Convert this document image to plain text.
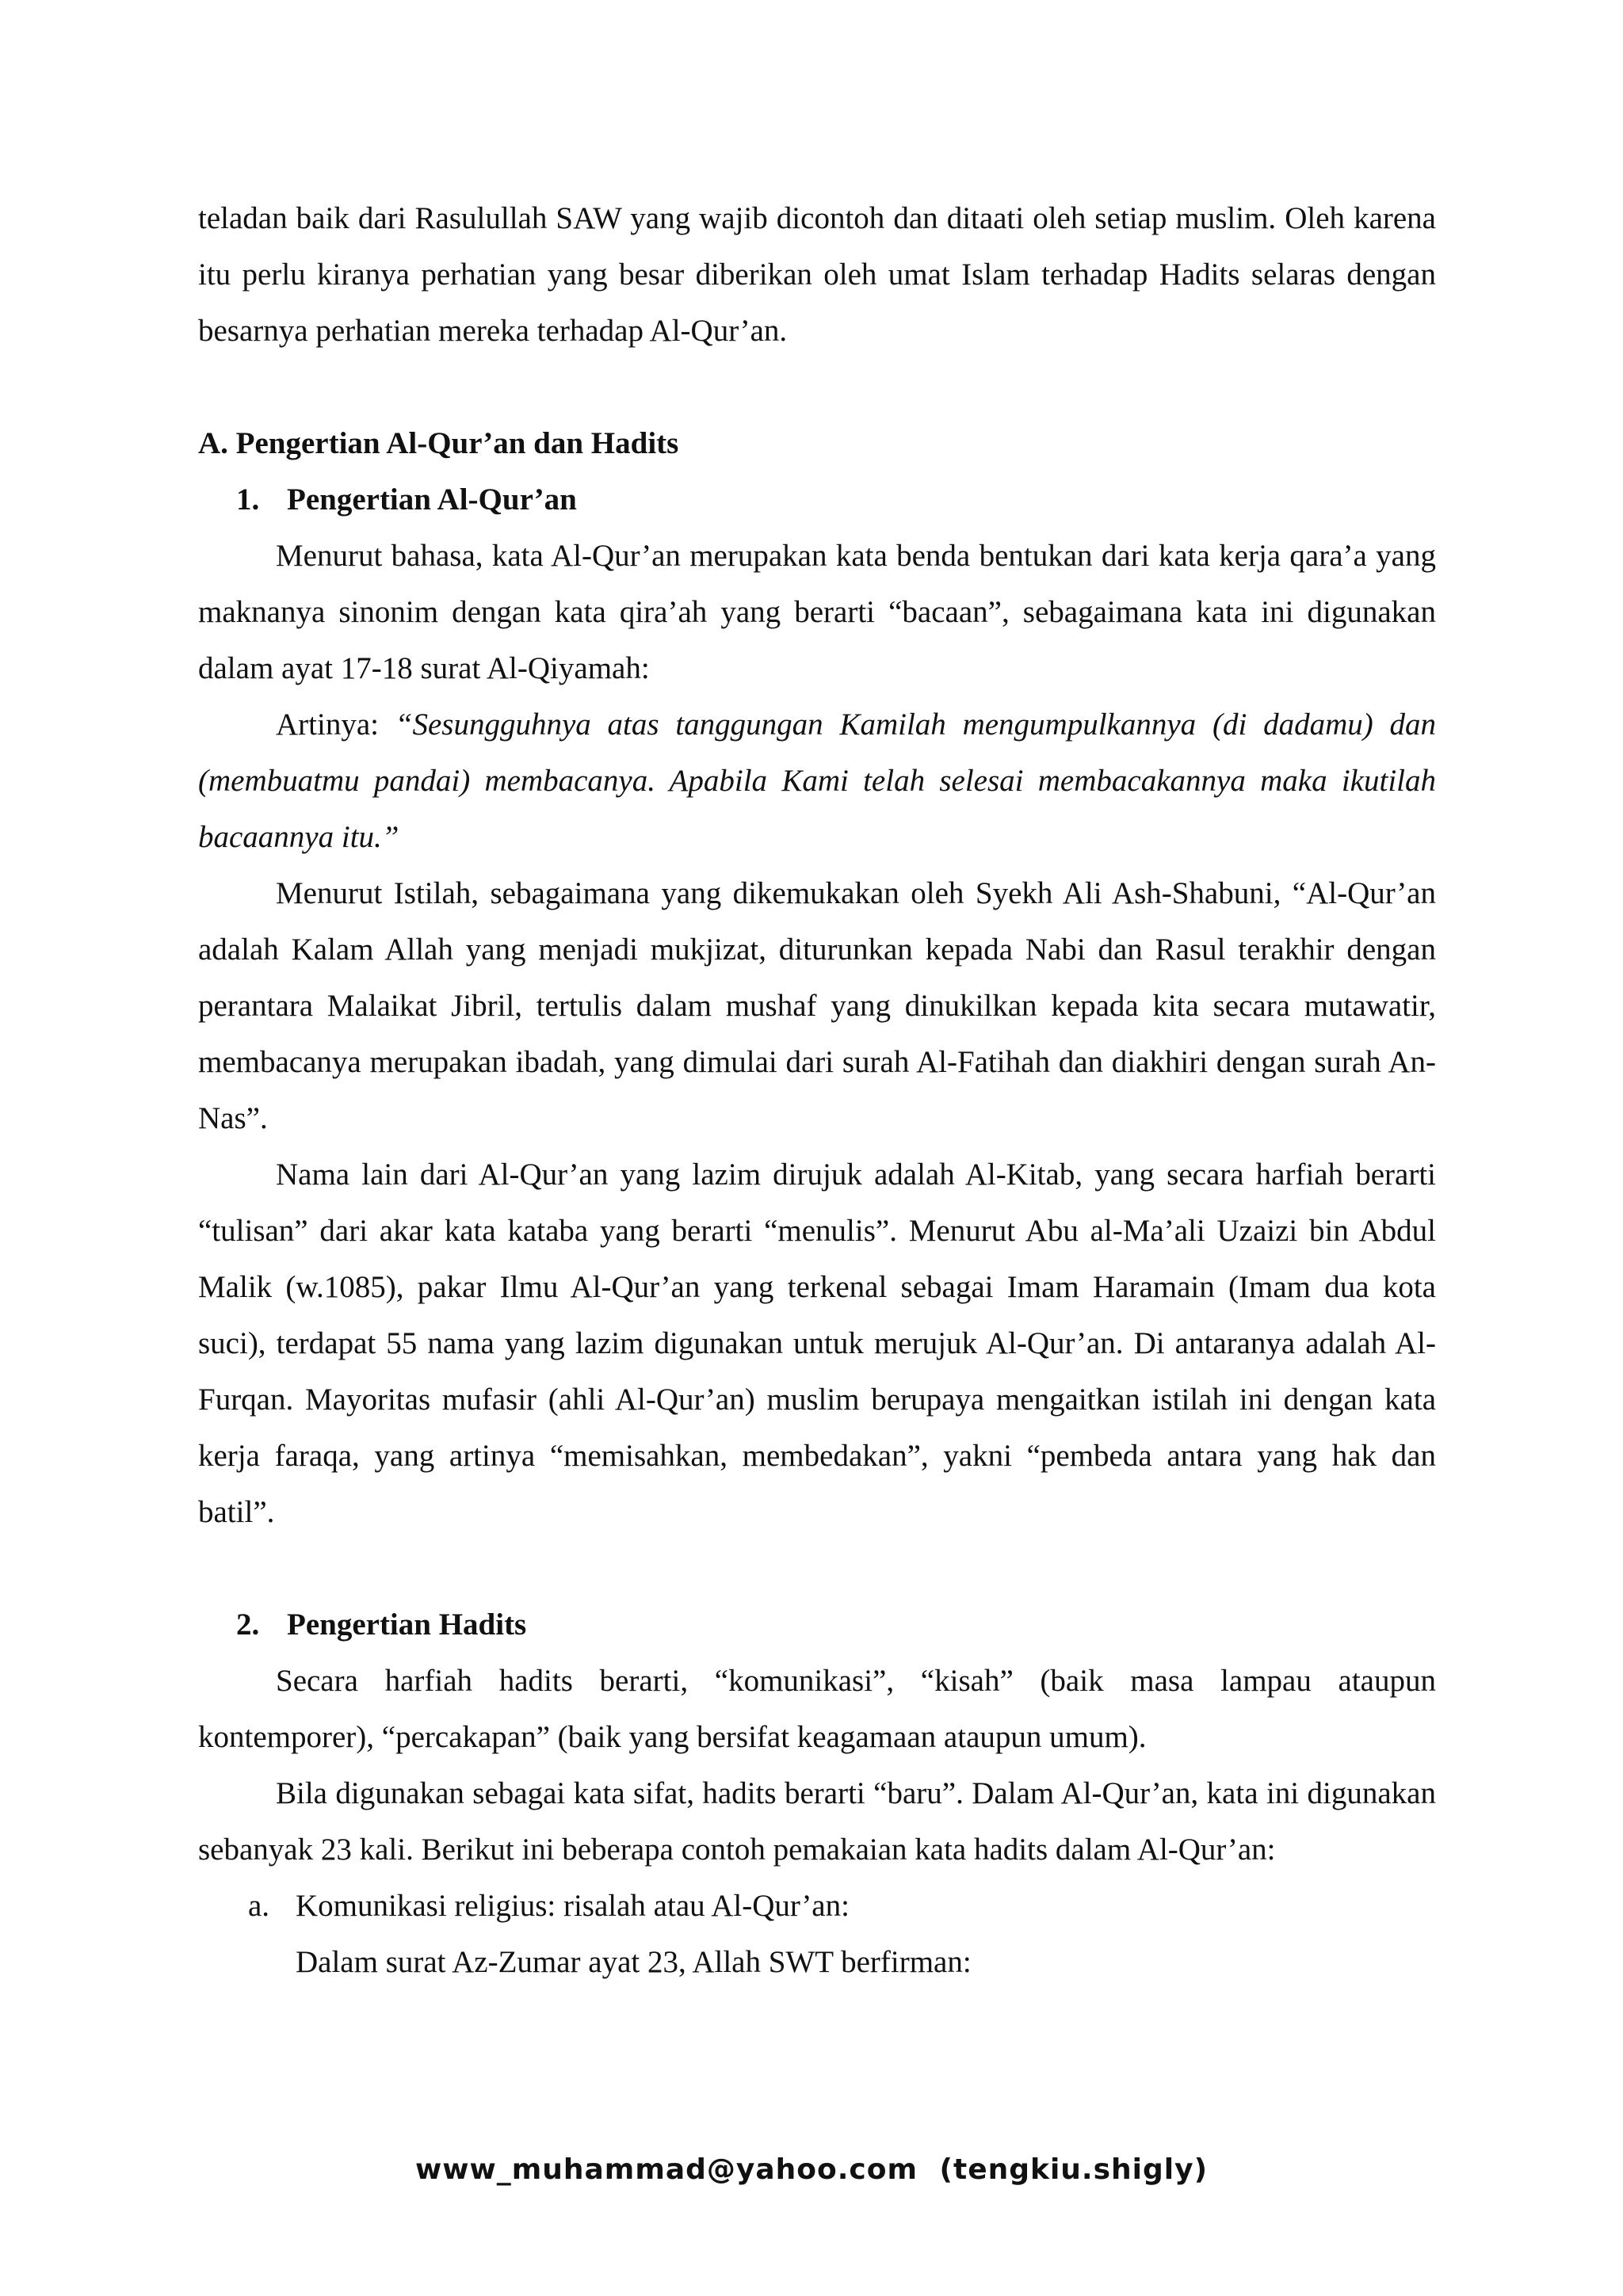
teladan baik dari Rasulullah SAW yang wajib dicontoh dan ditaati oleh setiap muslim. Oleh karena itu perlu kiranya perhatian yang besar diberikan oleh umat Islam terhadap Hadits selaras dengan besarnya perhatian mereka terhadap Al-Qur’an.

A. Pengertian Al-Qur’an dan Hadits

1. Pengertian Al-Qur’an

Menurut bahasa, kata Al-Qur’an merupakan kata benda bentukan dari kata kerja qara’a yang maknanya sinonim dengan kata qira’ah yang berarti “bacaan”, sebagaimana kata ini digunakan dalam ayat 17-18 surat Al-Qiyamah:

Artinya: “Sesungguhnya atas tanggungan Kamilah mengumpulkannya (di dadamu) dan (membuatmu pandai) membacanya. Apabila Kami telah selesai membacakannya maka ikutilah bacaannya itu.”

Menurut Istilah, sebagaimana yang dikemukakan oleh Syekh Ali Ash-Shabuni, “Al-Qur’an adalah Kalam Allah yang menjadi mukjizat, diturunkan kepada Nabi dan Rasul terakhir dengan perantara Malaikat Jibril, tertulis dalam mushaf yang dinukilkan kepada kita secara mutawatir, membacanya merupakan ibadah, yang dimulai dari surah Al-Fatihah dan diakhiri dengan surah An-Nas”.

Nama lain dari Al-Qur’an yang lazim dirujuk adalah Al-Kitab, yang secara harfiah berarti “tulisan” dari akar kata kataba yang berarti “menulis”. Menurut Abu al-Ma’ali Uzaizi bin Abdul Malik (w.1085), pakar Ilmu Al-Qur’an yang terkenal sebagai Imam Haramain (Imam dua kota suci), terdapat 55 nama yang lazim digunakan untuk merujuk Al-Qur’an. Di antaranya adalah Al-Furqan. Mayoritas mufasir (ahli Al-Qur’an) muslim berupaya mengaitkan istilah ini dengan kata kerja faraqa, yang artinya “memisahkan, membedakan”, yakni “pembeda antara yang hak dan batil”.

2. Pengertian Hadits

Secara harfiah hadits berarti, “komunikasi”, “kisah” (baik masa lampau ataupun kontemporer), “percakapan” (baik yang bersifat keagamaan ataupun umum).

Bila digunakan sebagai kata sifat, hadits berarti “baru”. Dalam Al-Qur’an, kata ini digunakan sebanyak 23 kali. Berikut ini beberapa contoh pemakaian kata hadits dalam Al-Qur’an:

a. Komunikasi religius: risalah atau Al-Qur’an:

Dalam surat Az-Zumar ayat 23, Allah SWT berfirman:

www_muhammad@yahoo.com (tengkiu.shigly)
